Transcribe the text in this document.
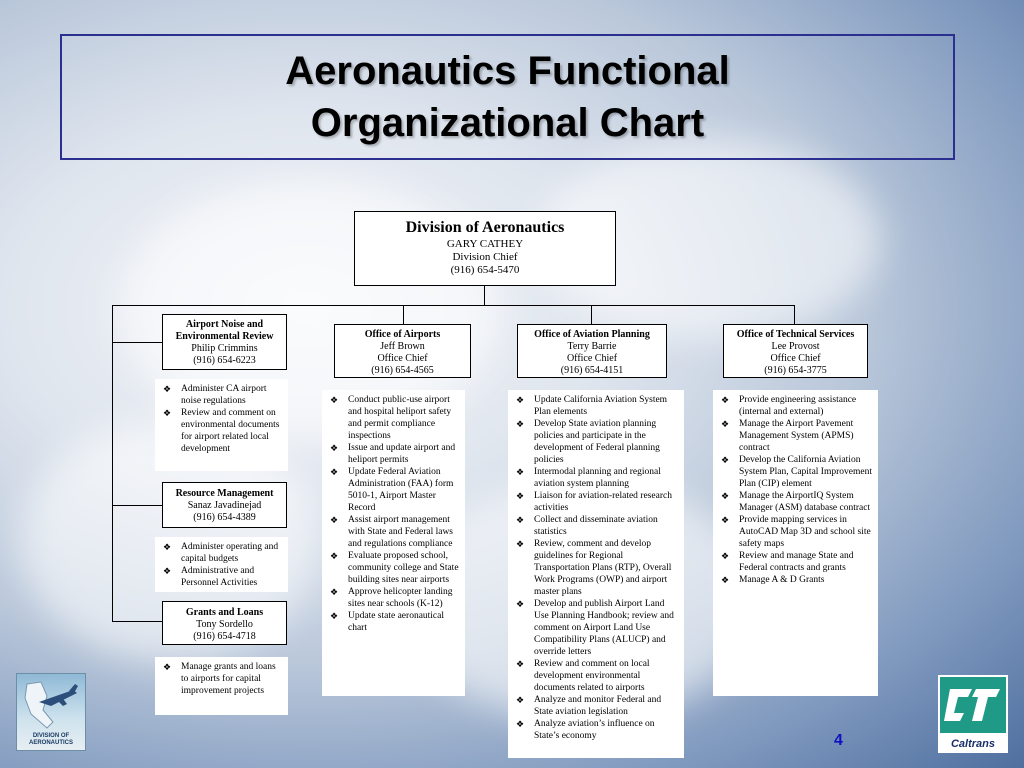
Aeronautics Functional
Organizational Chart
Division of Aeronautics
GARY CATHEY
Division Chief
(916) 654-5470
Airport Noise and Environmental Review
Philip Crimmins
(916) 654-6223
❖ Administer CA airport noise regulations
❖ Review and comment on environmental documents for airport related local development
Resource Management
Sanaz Javadinejad
(916) 654-4389
❖ Administer operating and capital budgets
❖ Administrative and Personnel Activities
Grants and Loans
Tony Sordello
(916) 654-4718
❖ Manage grants and loans to airports for capital improvement projects
Office of Airports
Jeff Brown
Office Chief
(916) 654-4565
❖ Conduct public-use airport and hospital heliport safety and permit compliance inspections
❖ Issue and update airport and heliport permits
❖ Update Federal Aviation Administration (FAA) form 5010-1, Airport Master Record
❖ Assist airport management with State and Federal laws and regulations compliance
❖ Evaluate proposed school, community college and State building sites near airports
❖ Approve helicopter landing sites near schools (K-12)
❖ Update state aeronautical chart
Office of Aviation Planning
Terry Barrie
Office Chief
(916) 654-4151
❖ Update California Aviation System Plan elements
❖ Develop State aviation planning policies and participate in the development of Federal planning policies
❖ Intermodal planning and regional aviation system planning
❖ Liaison for aviation-related research activities
❖ Collect and disseminate aviation statistics
❖ Review, comment and develop guidelines for Regional Transportation Plans (RTP), Overall Work Programs (OWP) and airport master plans
❖ Develop and publish Airport Land Use Planning Handbook; review and comment on Airport Land Use Compatibility Plans (ALUCP) and override letters
❖ Review and comment on local development environmental documents related to airports
❖ Analyze and monitor Federal and State aviation legislation
❖ Analyze aviation’s influence on State’s economy
Office of Technical Services
Lee Provost
Office Chief
(916) 654-3775
❖ Provide engineering assistance (internal and external)
❖ Manage the Airport Pavement Management System (APMS) contract
❖ Develop the California Aviation System Plan, Capital Improvement Plan (CIP) element
❖ Manage the AirportIQ System Manager (ASM) database contract
❖ Provide mapping services in AutoCAD Map 3D and school site safety maps
❖ Review and manage State and Federal contracts and grants
❖ Manage A & D Grants
DIVISION OF AERONAUTICS	4	Caltrans
